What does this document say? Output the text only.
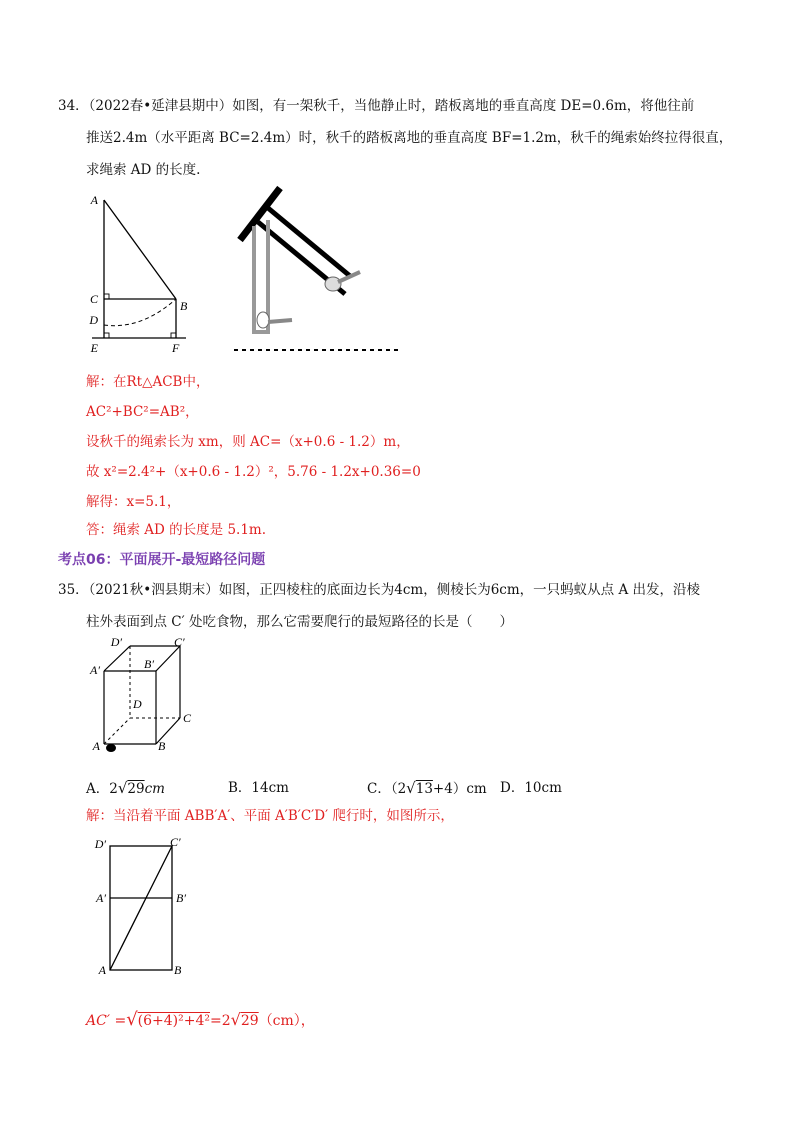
34．（2022春•延津县期中）如图，有一架秋千，当他静止时，踏板离地的垂直高度 DE=0.6m，将他往前
推送2.4m（水平距离 BC=2.4m）时，秋千的踏板离地的垂直高度 BF=1.2m，秋千的绳索始终拉得很直，
求绳索 AD 的长度.
A
C	B
D
E	F
解：在Rt△ACB中，
AC²+BC²=AB²，
设秋千的绳索长为 xm，则 AC=（x+0.6 - 1.2）m，
故 x²=2.4²+（x+0.6 - 1.2）²，5.76 - 1.2x+0.36=0
解得：x=5.1，
答：绳索 AD 的长度是 5.1m.
考点06：平面展开-最短路径问题
35．（2021秋•泗县期末）如图，正四棱柱的底面边长为4cm，侧棱长为6cm，一只蚂蚁从点 A 出发，沿棱
柱外表面到点 C′ 处吃食物，那么它需要爬行的最短路径的长是（　　）
D′	C′
A′	B′
D
C
A	B
A．2√29cm	B．14cm	C．（2√13+4）cm D．10cm
解：当沿着平面 ABB′A′、平面 A′B′C′D′ 爬行时，如图所示，
D′	C′
A′	B′
A	B
AC′ =√(6+4)²+4²=2√29（cm），
